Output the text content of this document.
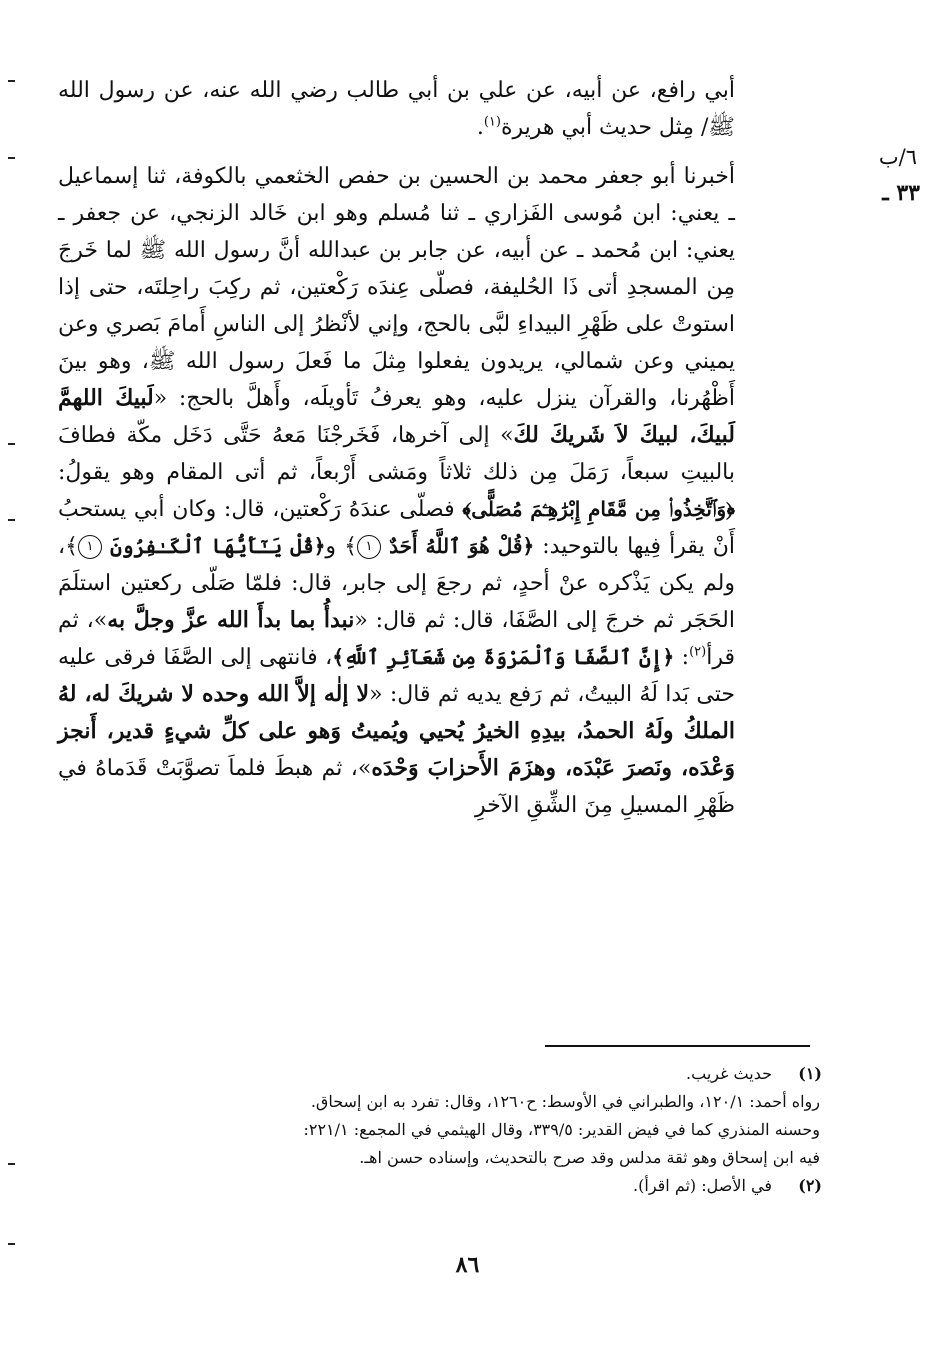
٦/ب
٣٣ ـ

أبي رافع، عن أبيه، عن علي بن أبي طالب رضي الله عنه، عن رسول الله ﷺ/ مِثل حديث أبي هريرة$^{(١)}$.

أخبرنا أبو جعفر محمد بن الحسين بن حفص الخثعمي بالكوفة، ثنا إسماعيل ـ يعني: ابن مُوسى الفَزاري ـ ثنا مُسلم وهو ابن خَالد الزنجي، عن جعفر ـ يعني: ابن مُحمد ـ عن أبيه، عن جابر بن عبدالله أنَّ رسول الله ﷺ لما خَرجَ مِن المسجدِ أتى ذَا الحُليفة، فصلّى عِندَه رَكْعتين، ثم ركِبَ راحِلتَه، حتى إذا استوتْ على ظَهْرِ البيداءِ لبَّى بالحج، وإني لأنْظرُ إلى الناسِ أَمامَ بَصري وعن يميني وعن شمالي، يريدون يفعلوا مِثلَ ما فَعلَ رسول الله ﷺ، وهو بينَ أَظْهُرنا، والقرآن ينزل عليه، وهو يعرفُ تَأويلَه، وأَهلَّ بالحج: «لَبيكَ اللهمَّ لَبيكَ، لبيكَ لاَ شَريكَ لكَ» إلى آخرها، فَخَرجْنَا مَعهُ حَتَّى دَخَل مكّة فطافَ بالبيتِ سبعاً، رَمَلَ مِن ذلك ثلاثاً ومَشى أَرْبعاً، ثم أتى المقام وهو يقولُ: ﴿وَٱتَّخِذُوا۟ مِن مَّقَامِ إِبْرَٰهِـۧمَ مُصَلًّى﴾ فصلّى عندَهُ رَكْعتين، قال: وكان أبي يستحبُ أَنْ يقرأ فِيها بالتوحيد: ﴿قُلْ هُوَ ٱللَّهُ أَحَدٌ ١﴾ و﴿قُلْ يَـٰٓأَيُّهَا ٱلْكَـٰفِرُونَ ١﴾، ولم يكن يَذْكره عنْ أحدٍ، ثم رجعَ إلى جابر، قال: فلمّا صَلّى ركعتين استلَمَ الحَجَر ثم خرجَ إلى الصَّفَا، قال: ثم قال: «نبدأُ بما بدأَ الله عزَّ وجلَّ به»، ثم قرأ$^{(٢)}$: ﴿إِنَّ ٱلصَّفَا وَٱلْمَرْوَةَ مِن شَعَآئِرِ ٱللَّهِ﴾، فانتهى إلى الصَّفَا فرقى عليه حتى بَدا لَهُ البيتُ، ثم رَفع يديه ثم قال: «لا إلٰه إلاَّ الله وحده لا شريكَ له، لهُ الملكُ ولَهُ الحمدُ، بيدِهِ الخيرُ يُحيي ويُميتُ وَهو على كلِّ شيءٍ قدير، أَنجز وَعْدَه، ونَصرَ عَبْدَه، وهزَمَ الأَحزابَ وَحْدَه»، ثم هبطَ فلماَ تصوَّبَتْ قَدَماهُ في ظَهْرِ المسيلِ مِنَ الشِّقِ الآخرِ

(١)
حديث غريب.
رواه أحمد: ١٢٠/١، والطبراني في الأوسط: ح١٢٦٠، وقال: تفرد به ابن إسحاق.
وحسنه المنذري كما في فيض القدير: ٣٣٩/٥، وقال الهيثمي في المجمع: ٢٢١/١:
فيه ابن إسحاق وهو ثقة مدلس وقد صرح بالتحديث، وإسناده حسن اهـ.
(٢)
في الأصل: (ثم اقرأ).
٨٦
